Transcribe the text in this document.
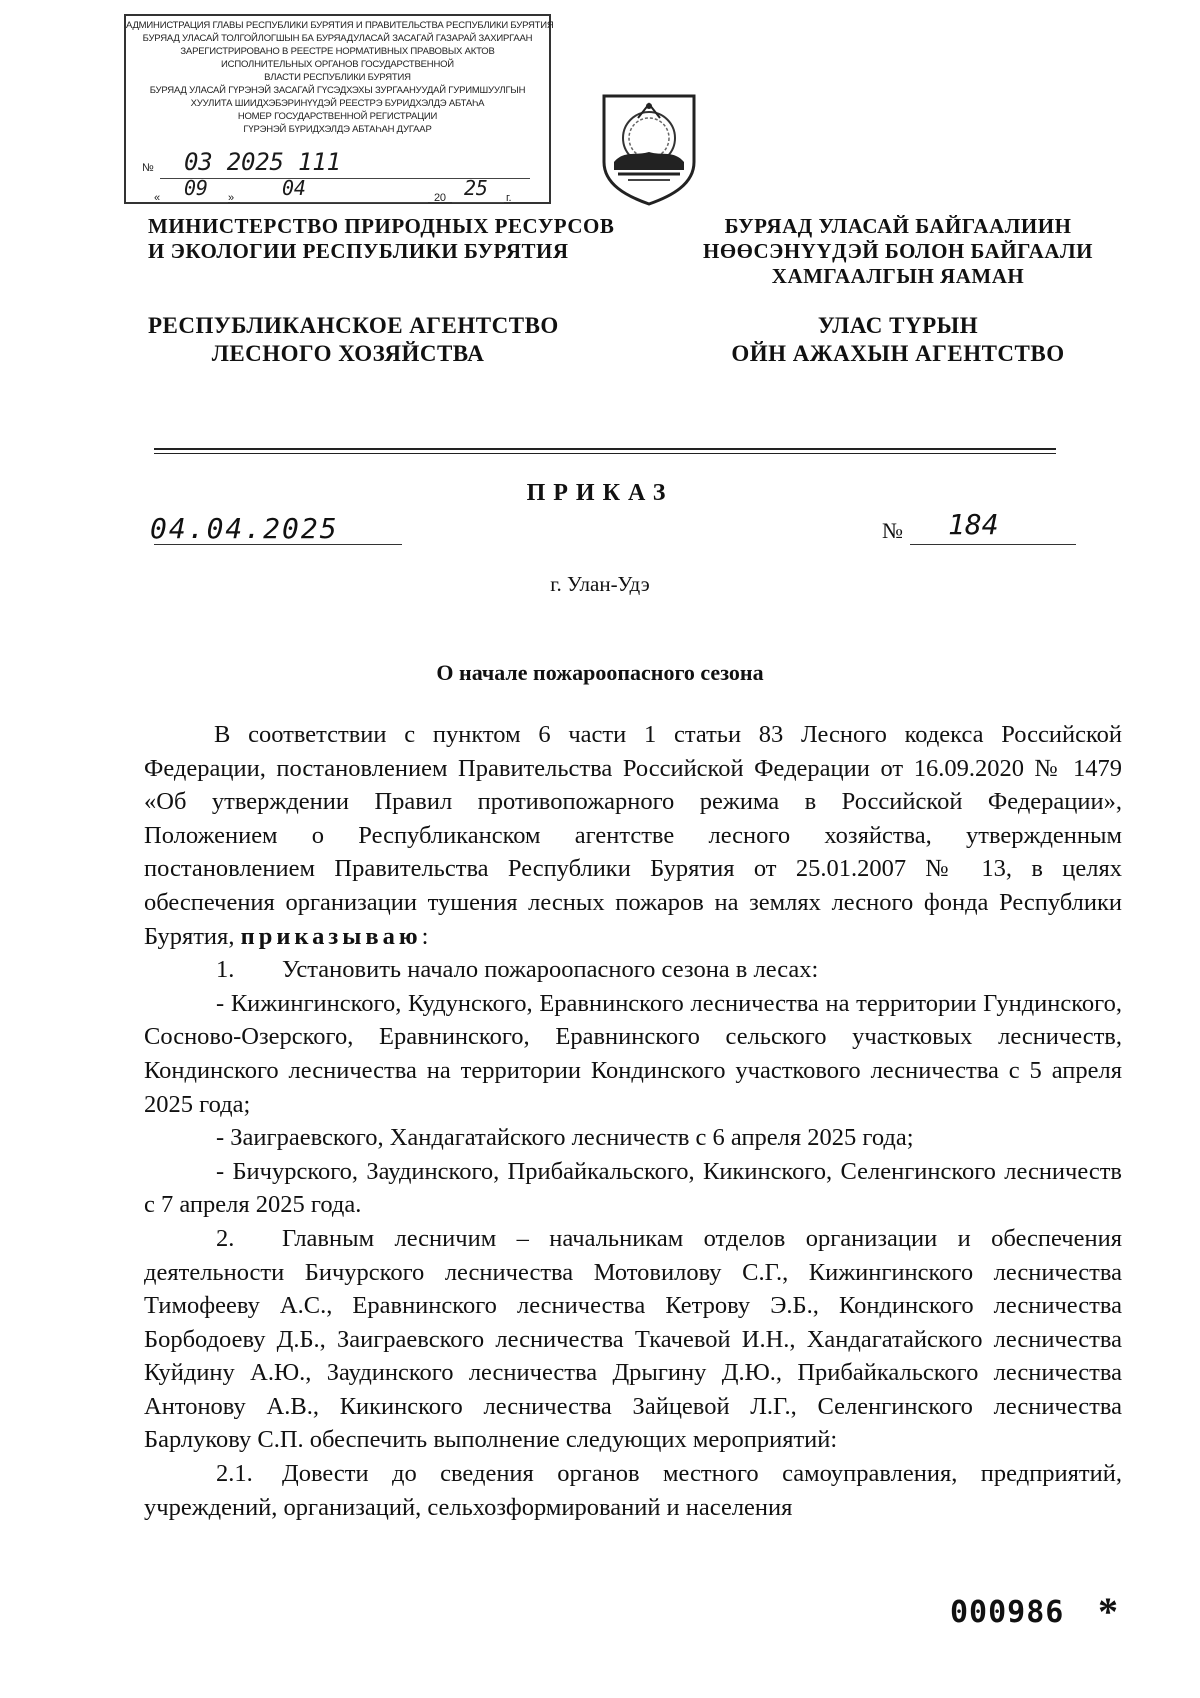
АДМИНИСТРАЦИЯ ГЛАВЫ РЕСПУБЛИКИ БУРЯТИЯ И ПРАВИТЕЛЬСТВА РЕСПУБЛИКИ БУРЯТИЯ
БУРЯАД УЛАСАЙ ТОЛГОЙЛОГШЫН БА БУРЯАДУЛАСАЙ ЗАСАГАЙ ГАЗАРАЙ ЗАХИРГААН
ЗАРЕГИСТРИРОВАНО В РЕЕСТРЕ НОРМАТИВНЫХ ПРАВОВЫХ АКТОВ
ИСПОЛНИТЕЛЬНЫХ ОРГАНОВ ГОСУДАРСТВЕННОЙ
ВЛАСТИ РЕСПУБЛИКИ БУРЯТИЯ
БУРЯАД УЛАСАЙ ГҮРЭНЭЙ ЗАСАГАЙ ГҮСЭДХЭХЫ ЗУРГААНУУДАЙ ГУРИМШУУЛГЫН
ХУУЛИТА ШИИДХЭБЭРИНҮҮДЭЙ РЕЕСТРЭ БУРИДХЭЛДЭ АБТАҺА
НОМЕР ГОСУДАРСТВЕННОЙ РЕГИСТРАЦИИ
ГҮРЭНЭЙ БҮРИДХЭЛДЭ АБТАҺАН ДУГААР
№ 03 2025 111
« 09 » 04	20 25 г.
МИНИСТЕРСТВО ПРИРОДНЫХ РЕСУРСОВ
И ЭКОЛОГИИ РЕСПУБЛИКИ БУРЯТИЯ
БУРЯАД УЛАСАЙ БАЙГААЛИИН
НӨӨСЭНҮҮДЭЙ БОЛОН БАЙГААЛИ
ХАМГААЛГЫН ЯАМАН
РЕСПУБЛИКАНСКОЕ АГЕНТСТВО
ЛЕСНОГО ХОЗЯЙСТВА
УЛАС ТҮРЫН
ОЙН АЖАХЫН АГЕНТСТВО
ПРИКАЗ
04.04.2025	№ 184
г. Улан-Удэ
О начале пожароопасного сезона

В соответствии с пунктом 6 части 1 статьи 83 Лесного кодекса Российской Федерации, постановлением Правительства Российской Федерации от 16.09.2020 № 1479 «Об утверждении Правил противопожарного режима в Российской Федерации», Положением о Республиканском агентстве лесного хозяйства, утвержденным постановлением Правительства Республики Бурятия от 25.01.2007 № 13, в целях обеспечения организации тушения лесных пожаров на землях лесного фонда Республики Бурятия, приказываю:

1. Установить начало пожароопасного сезона в лесах:

- Кижингинского, Кудунского, Еравнинского лесничества на территории Гундинского, Сосново-Озерского, Еравнинского, Еравнинского сельского участковых лесничеств, Кондинского лесничества на территории Кондинского участкового лесничества с 5 апреля 2025 года;

- Заиграевского, Хандагатайского лесничеств с 6 апреля 2025 года;

- Бичурского, Заудинского, Прибайкальского, Кикинского, Селенгинского лесничеств с 7 апреля 2025 года.

2. Главным лесничим – начальникам отделов организации и обеспечения деятельности Бичурского лесничества Мотовилову С.Г., Кижингинского лесничества Тимофееву А.С., Еравнинского лесничества Кетрову Э.Б., Кондинского лесничества Борбодоеву Д.Б., Заиграевского лесничества Ткачевой И.Н., Хандагатайского лесничества Куйдину А.Ю., Заудинского лесничества Дрыгину Д.Ю., Прибайкальского лесничества Антонову А.В., Кикинского лесничества Зайцевой Л.Г., Селенгинского лесничества Барлукову С.П. обеспечить выполнение следующих мероприятий:

2.1. Довести до сведения органов местного самоуправления, предприятий, учреждений, организаций, сельхозформирований и населения

000986 *
